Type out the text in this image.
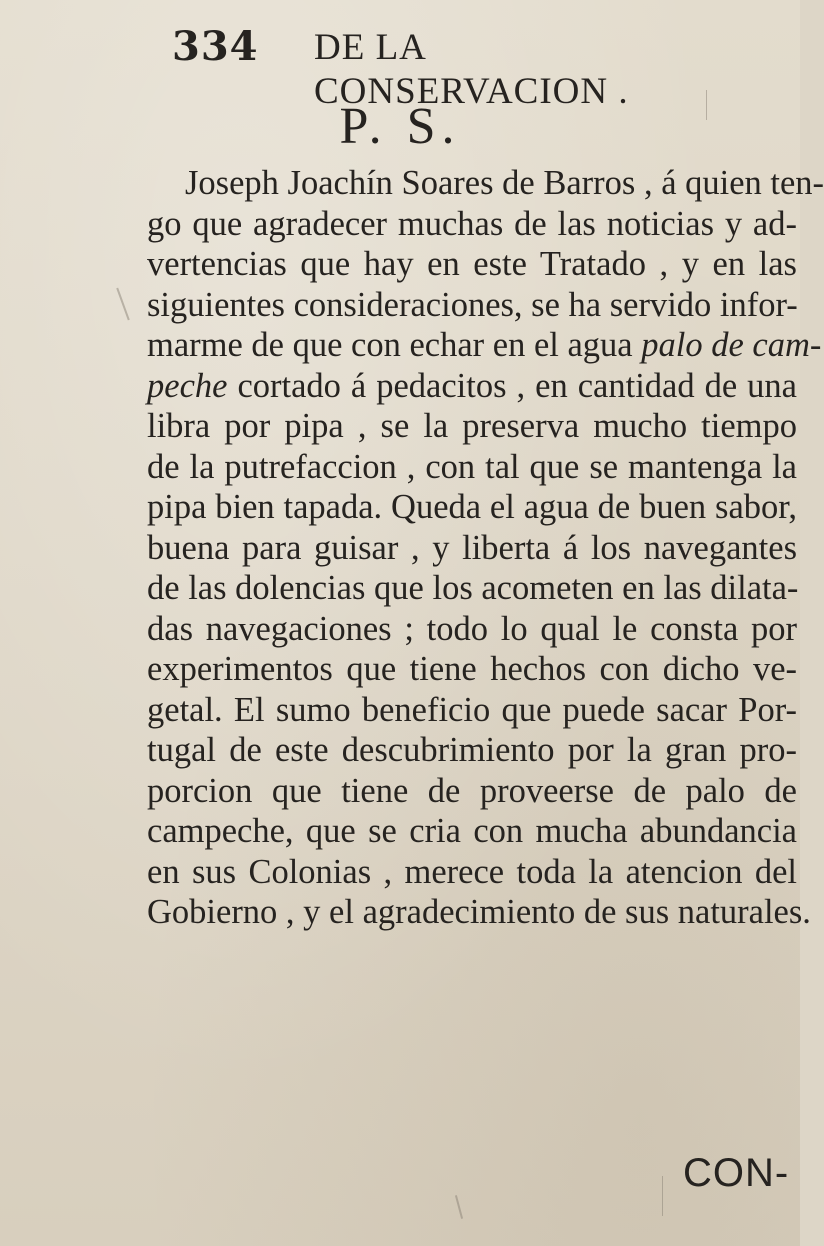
334 DE LA CONSERVACION .
P. S.
Joseph Joachín Soares de Barros , á quien ten-
go que agradecer muchas de las noticias y ad-
vertencias que hay en este Tratado , y en las
siguientes consideraciones, se ha servido infor-
marme de que con echar en el agua palo de cam-
peche cortado á pedacitos , en cantidad de una
libra por pipa , se la preserva mucho tiempo
de la putrefaccion , con tal que se mantenga la
pipa bien tapada. Queda el agua de buen sabor,
buena para guisar , y liberta á los navegantes
de las dolencias que los acometen en las dilata-
das navegaciones ; todo lo qual le consta por
experimentos que tiene hechos con dicho ve-
getal. El sumo beneficio que puede sacar Por-
tugal de este descubrimiento por la gran pro-
porcion que tiene de proveerse de palo de
campeche, que se cria con mucha abundancia
en sus Colonias , merece toda la atencion del
Gobierno , y el agradecimiento de sus naturales.
CON-
